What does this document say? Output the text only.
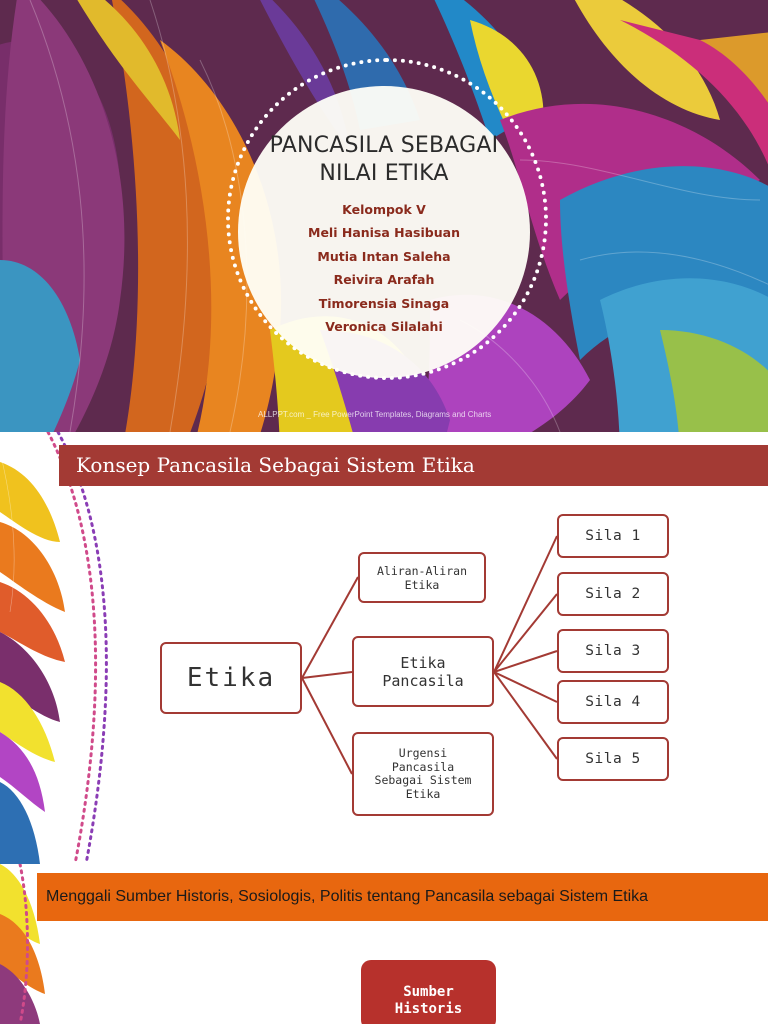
PANCASILA SEBAGAI
NILAI ETIKA
Kelompok V
Meli Hanisa Hasibuan
Mutia Intan Saleha
Reivira Arafah
Timorensia Sinaga
Veronica Silalahi
ALLPPT.com _ Free PowerPoint Templates, Diagrams and Charts
Konsep Pancasila Sebagai Sistem Etika
Etika
Aliran-Aliran
Etika
Etika
Pancasila
Urgensi
Pancasila
Sebagai Sistem
Etika
Sila 1
Sila 2
Sila 3
Sila 4
Sila 5
Menggali Sumber Historis, Sosiologis, Politis tentang Pancasila sebagai Sistem Etika
Sumber
Historis
